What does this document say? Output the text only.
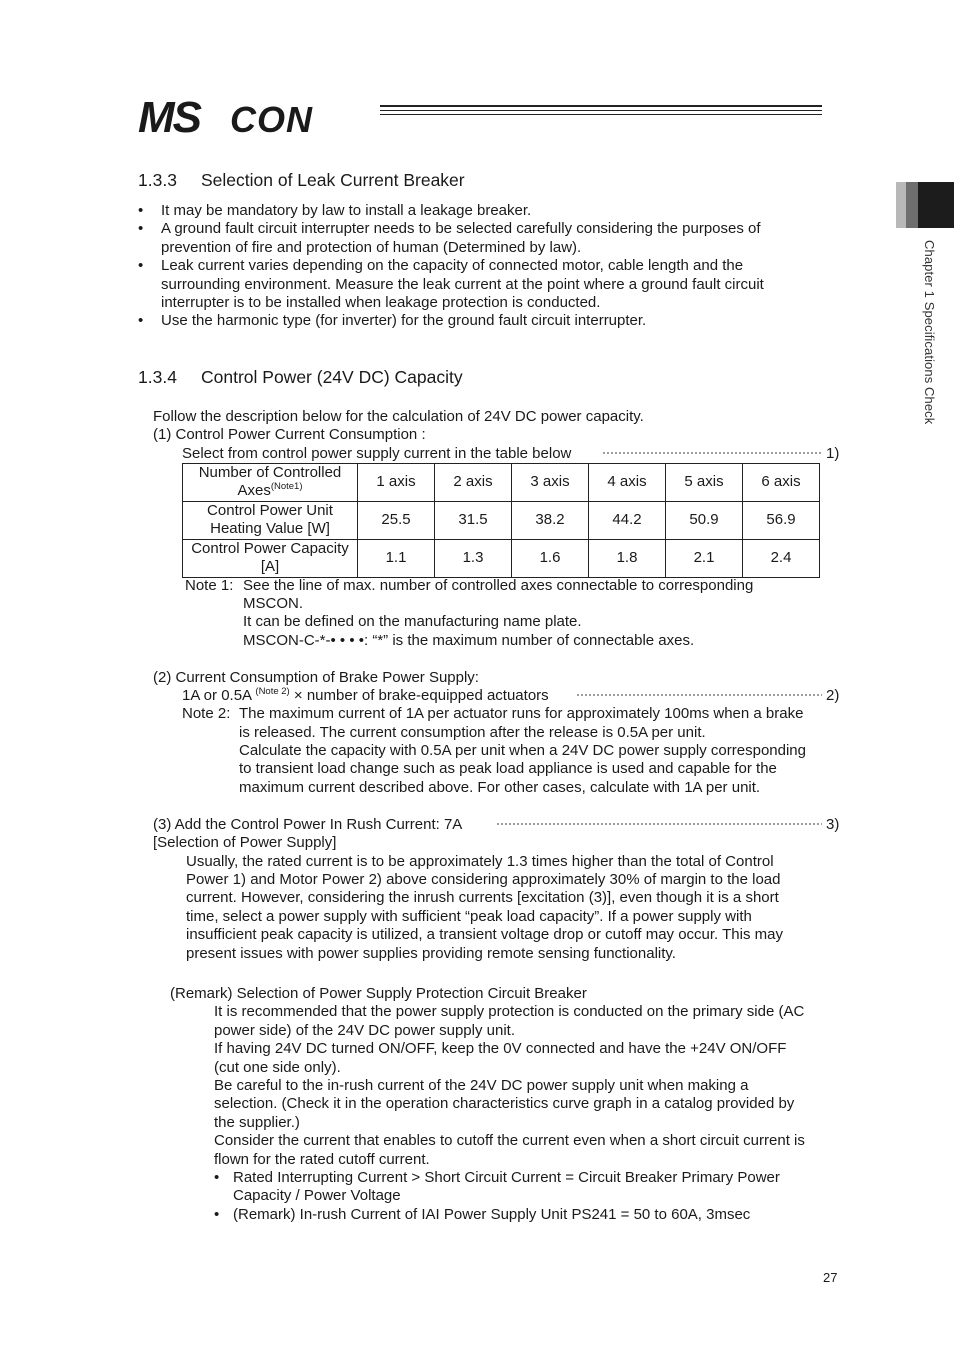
MS CON
Chapter 1 Specifications Check
1.3.3 Selection of Leak Current Breaker
• It may be mandatory by law to install a leakage breaker.
• A ground fault circuit interrupter needs to be selected carefully considering the purposes of prevention of fire and protection of human (Determined by law).
• Leak current varies depending on the capacity of connected motor, cable length and the surrounding environment. Measure the leak current at the point where a ground fault circuit interrupter is to be installed when leakage protection is conducted.
• Use the harmonic type (for inverter) for the ground fault circuit interrupter.
1.3.4 Control Power (24V DC) Capacity
Follow the description below for the calculation of 24V DC power capacity.
(1) Control Power Current Consumption :
Select from control power supply current in the table below	1)
Number of Controlled Axes$^{(Note1)}$	1 axis	2 axis	3 axis	4 axis	5 axis	6 axis
Control Power Unit Heating Value [W]	25.5	31.5	38.2	44.2	50.9	56.9
Control Power Capacity [A]	1.1	1.3	1.6	1.8	2.1	2.4
Note 1: See the line of max. number of controlled axes connectable to corresponding
MSCON.
It can be defined on the manufacturing name plate.
MSCON-C-*-• • • •: “*” is the maximum number of connectable axes.
(2) Current Consumption of Brake Power Supply:
1A or 0.5A $^{(Note 2)}$ × number of brake-equipped actuators	2)
Note 2: The maximum current of 1A per actuator runs for approximately 100ms when a brake
is released. The current consumption after the release is 0.5A per unit.
Calculate the capacity with 0.5A per unit when a 24V DC power supply corresponding
to transient load change such as peak load appliance is used and capable for the
maximum current described above. For other cases, calculate with 1A per unit.
(3) Add the Control Power In Rush Current: 7A	3)
[Selection of Power Supply]
Usually, the rated current is to be approximately 1.3 times higher than the total of Control
Power 1) and Motor Power 2) above considering approximately 30% of margin to the load
current. However, considering the inrush currents [excitation (3)], even though it is a short
time, select a power supply with sufficient “peak load capacity”. If a power supply with
insufficient peak capacity is utilized, a transient voltage drop or cutoff may occur. This may
present issues with power supplies providing remote sensing functionality.
(Remark) Selection of Power Supply Protection Circuit Breaker
It is recommended that the power supply protection is conducted on the primary side (AC
power side) of the 24V DC power supply unit.
If having 24V DC turned ON/OFF, keep the 0V connected and have the +24V ON/OFF
(cut one side only).
Be careful to the in-rush current of the 24V DC power supply unit when making a
selection. (Check it in the operation characteristics curve graph in a catalog provided by
the supplier.)
Consider the current that enables to cutoff the current even when a short circuit current is
flown for the rated cutoff current.
• Rated Interrupting Current > Short Circuit Current = Circuit Breaker Primary Power Capacity / Power Voltage
• (Remark) In-rush Current of IAI Power Supply Unit PS241 = 50 to 60A, 3msec
27
